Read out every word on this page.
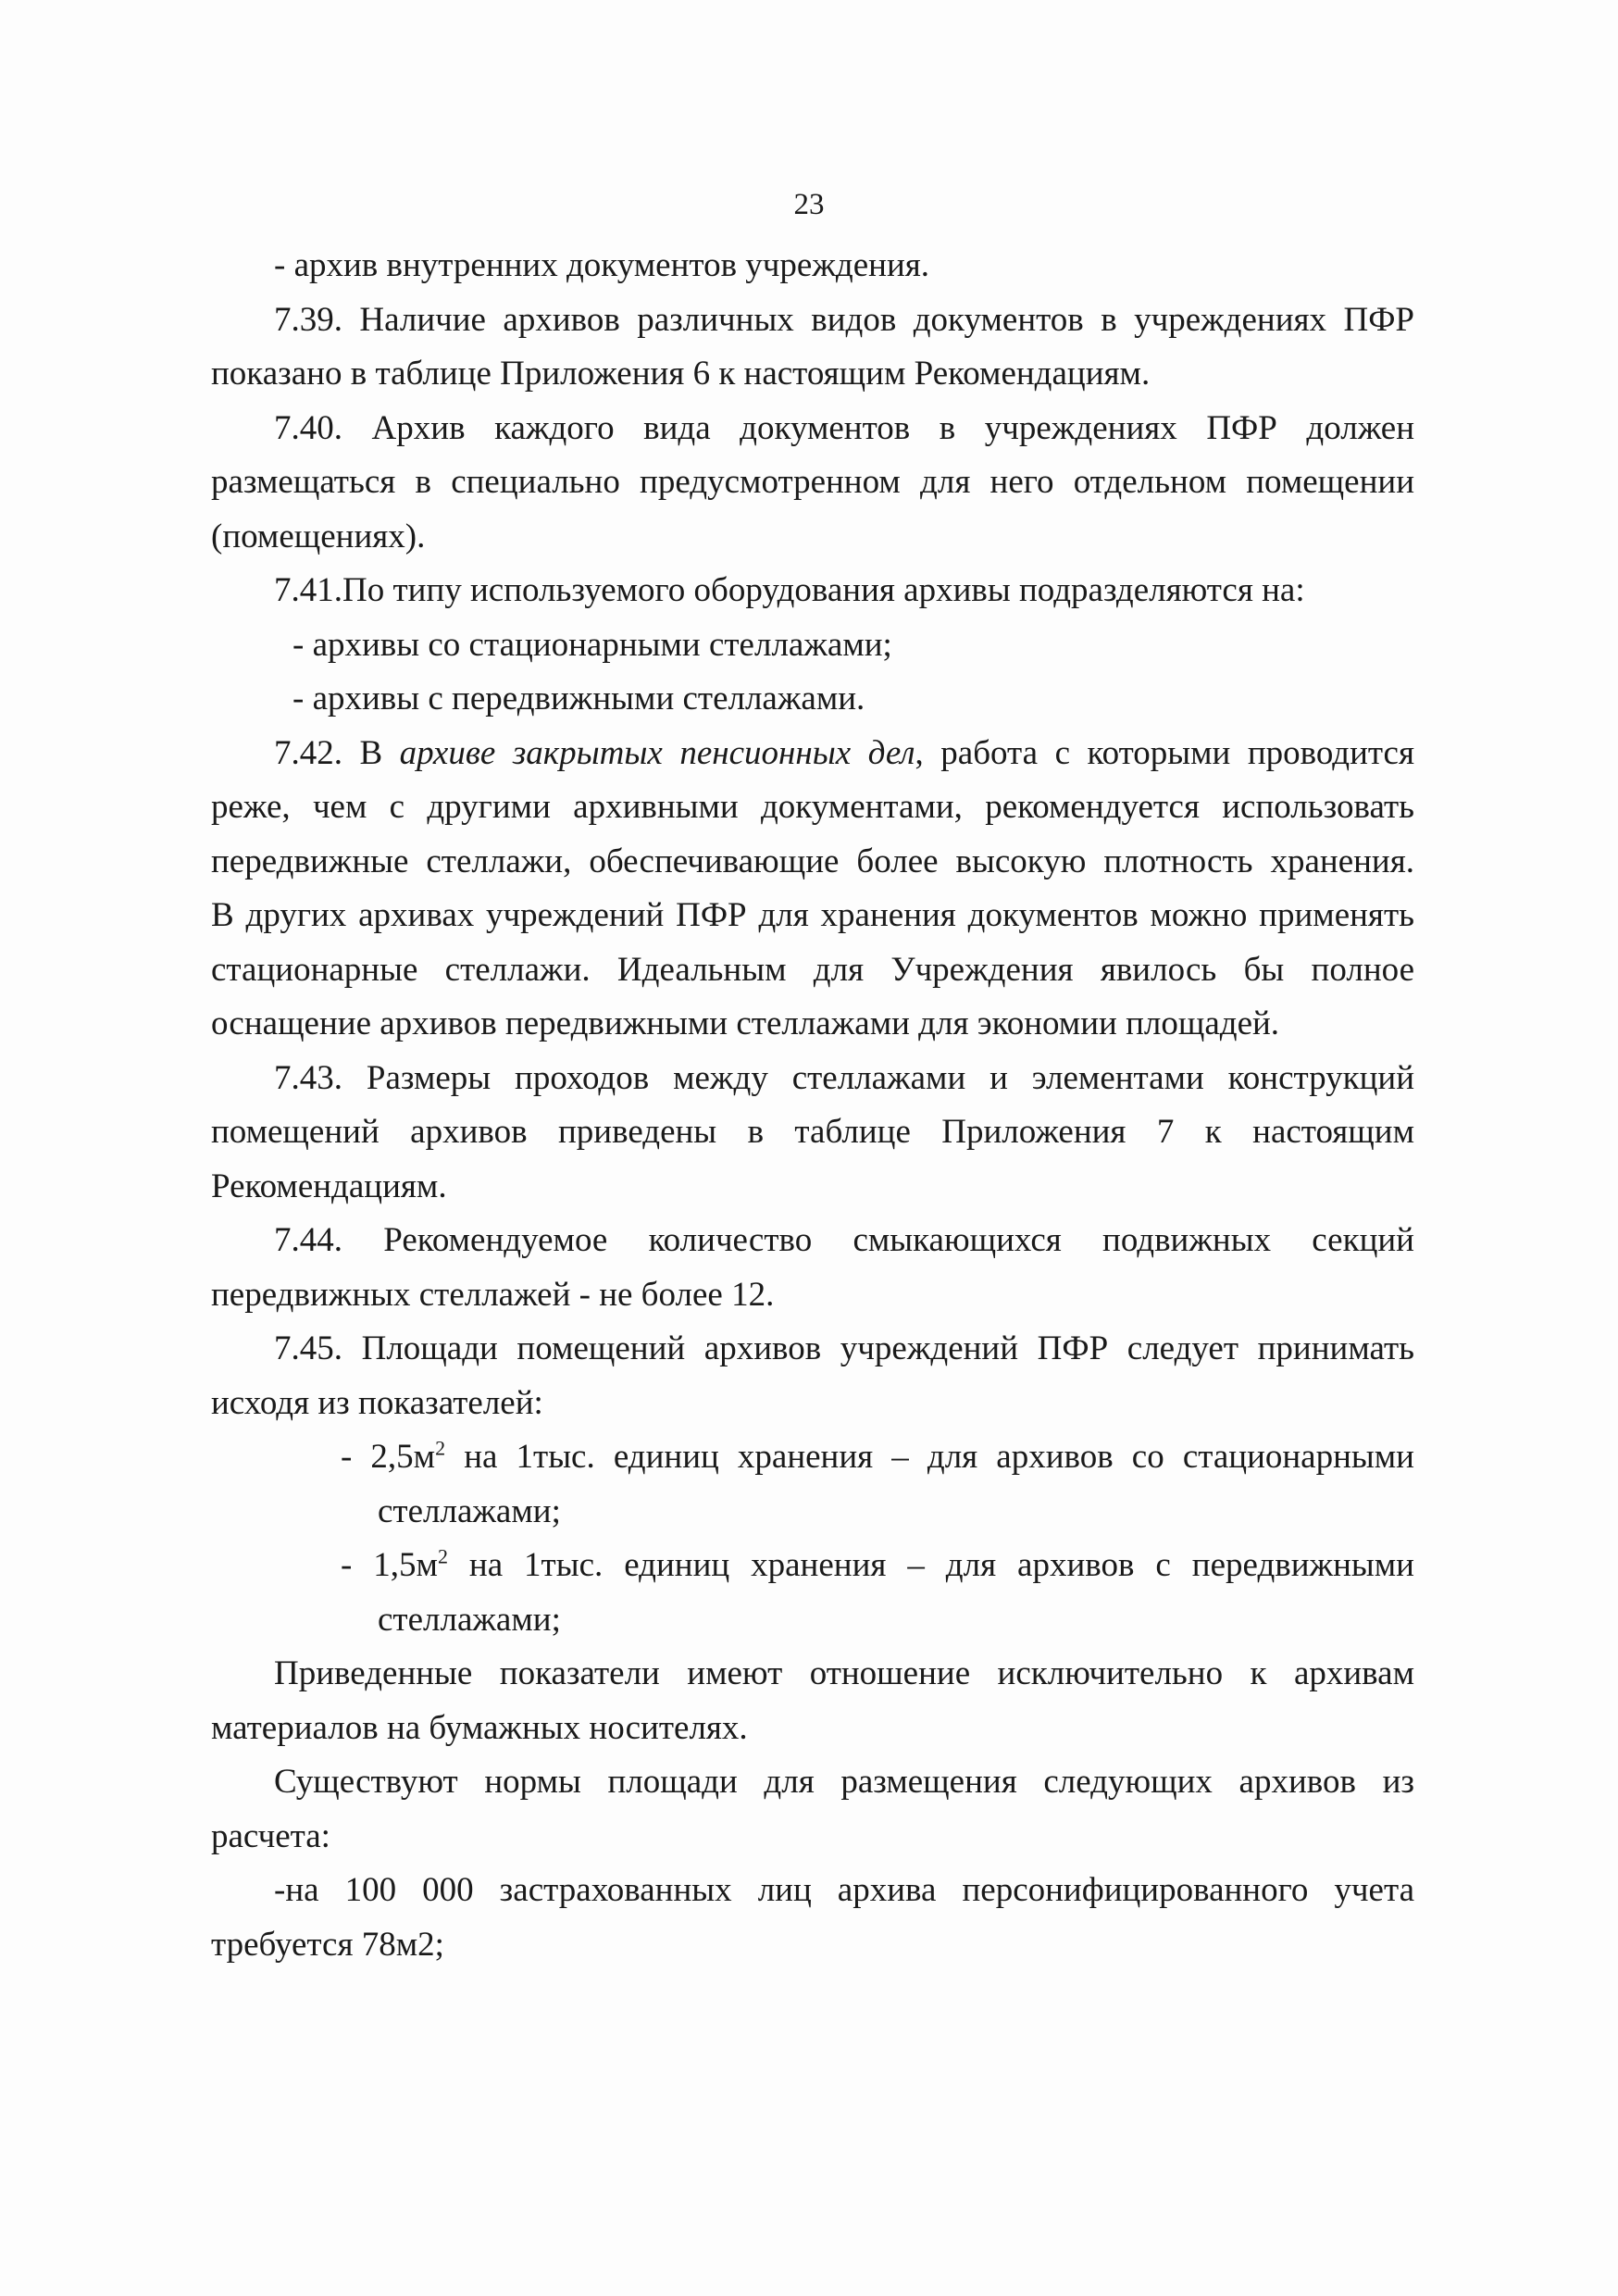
23
- архив внутренних документов учреждения.
7.39. Наличие архивов различных видов документов в учреждениях ПФР
показано в таблице Приложения 6 к настоящим Рекомендациям.
7.40. Архив каждого вида документов в учреждениях ПФР должен
размещаться в специально предусмотренном для него отдельном помещении
(помещениях).
7.41.По типу используемого оборудования архивы подразделяются на:
- архивы со стационарными стеллажами;
- архивы с передвижными стеллажами.
7.42. В архиве закрытых пенсионных дел, работа с которыми проводится
реже, чем с другими архивными документами, рекомендуется использовать
передвижные стеллажи, обеспечивающие более высокую плотность хранения.
В других архивах учреждений ПФР для хранения документов можно применять
стационарные стеллажи. Идеальным для Учреждения явилось бы полное
оснащение архивов передвижными стеллажами для экономии площадей.
7.43. Размеры проходов между стеллажами и элементами конструкций
помещений архивов приведены в таблице Приложения 7 к настоящим
Рекомендациям.
7.44. Рекомендуемое количество смыкающихся подвижных секций
передвижных стеллажей - не более 12.
7.45. Площади помещений архивов учреждений ПФР следует принимать
исходя из показателей:
- $2,5м^2$ на 1тыс. единиц хранения – для архивов со стационарными
стеллажами;
- $1,5м^2$ на 1тыс. единиц хранения – для архивов с передвижными
стеллажами;
Приведенные показатели имеют отношение исключительно к архивам
материалов на бумажных носителях.
Существуют нормы площади для размещения следующих архивов из
расчета:
-на 100 000 застрахованных лиц архива персонифицированного учета
требуется 78м2;
